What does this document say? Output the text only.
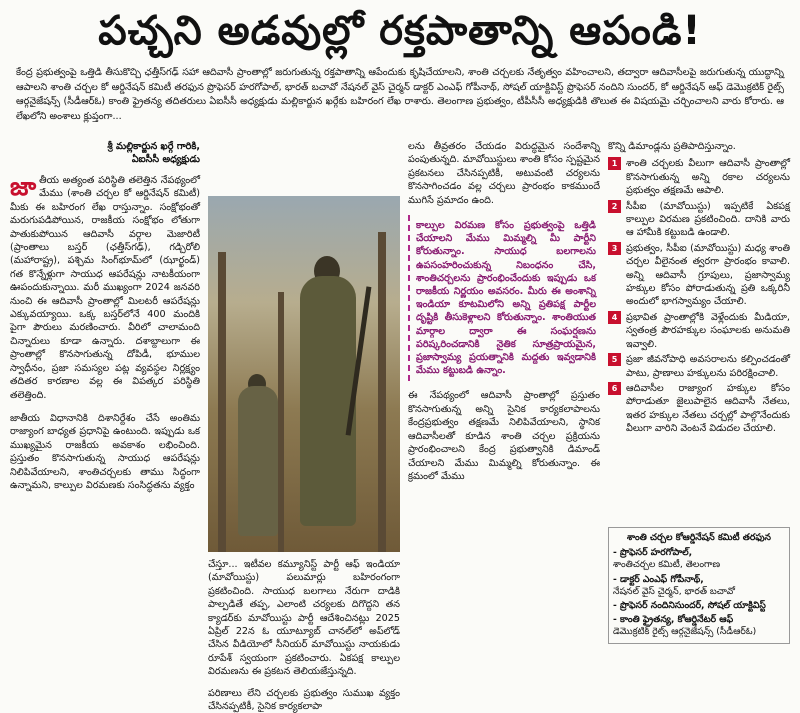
పచ్చని అడవుల్లో రక్తపాతాన్ని ఆపండి!
కేంద్ర ప్రభుత్వంపై ఒత్తిడి తీసుకొచ్చి ఛత్తీస్‌గఢ్ సహా ఆదివాసీ ప్రాంతాల్లో జరుగుతున్న రక్తపాతాన్ని ఆపేందుకు కృషిచేయాలని, శాంతి చర్చలకు నేతృత్వం వహించాలని, తద్వారా ఆదివాసీలపై జరుగుతున్న యుద్ధాన్ని ఆపాలని శాంతి చర్చల కో ఆర్డినేషన్ కమిటీ తరఫున ప్రొఫెసర్ హరగోపాల్, భారత్ బచావో నేషనల్ వైస్ చైర్మన్ డాక్టర్ ఎంఎఫ్ గోపీనాథ్, సోషల్ యాక్టివిస్ట్ ప్రొఫెసర్ నందిని సుందర్, కో ఆర్డినేషన్ ఆఫ్ డెమొక్రటిక్ రైట్స్ ఆర్గనైజేషన్స్ (సీడీఆర్‌ఓ) కాంతి ఫ్రైతన్య తదితరులు ఏఐసీసీ అధ్యక్షుడు మల్లికార్జున ఖర్గేకు బహిరంగ లేఖ రాశారు. తెలంగాణ ప్రభుత్వం, టీపీసీసీ అధ్యక్షుడికి తొలుత ఈ విషయమై చర్చించాలని వారు కోరారు. ఆ లేఖలోని అంశాలు క్లుప్తంగా...
శ్రీ మల్లికార్జున ఖర్గే గారికి,
ఏఐసీసీ అధ్యక్షుడు

జాతీయ అత్యంత పరిస్థితి తలెత్తిన నేపథ్యంలో మేము (శాంతి చర్చల కో ఆర్డినేషన్ కమిటీ) మీకు ఈ బహిరంగ లేఖ రాస్తున్నాం. సంక్షోభంతో మరుగుపడిపోయిన, రాజకీయ సంక్షోభం లోతుగా పాతుకుపోయిన ఆదివాసీ వర్గాల మెజారిటీ (ప్రాంతాలు బస్తర్ (ఛత్తీస్‌గఢ్), గడ్చిరోలి (మహారాష్ట్ర), పశ్చిమ సింగ్‌భూమ్‌లో (ఝార్ఖండ్) గత కొన్నేళ్లుగా సాయుధ ఆపరేషన్లు నాటకీయంగా ఊపందుకున్నాయి. మరీ ముఖ్యంగా 2024 జనవరి నుంచి ఈ ఆదివాసీ ప్రాంతాల్లో మిలటరీ ఆపరేషన్లు ఎక్కువయ్యాయి. ఒక్క బస్తర్‌లోనే 400 మందికి పైగా పౌరులు మరణించారు. వీరిలో చాలామంది చిన్నారులు కూడా ఉన్నారు. దశాబ్దాలుగా ఈ ప్రాంతాల్లో కొనసాగుతున్న దోపిడీ, భూముల స్వాధీనం, ప్రజా సమస్యల పట్ల వ్యవస్థల నిర్లక్ష్యం తదితర కారణాల వల్ల ఈ విపత్కర పరిస్థితి తలెత్తింది.

జాతీయ విధానానికి దిశానిర్దేశం చేసే అంతిమ రాజ్యాంగ బాధ్యత ప్రధానిపై ఉంటుంది. ఇప్పుడు ఒక ముఖ్యమైన రాజకీయ అవకాశం లభించింది. ప్రస్తుతం కొనసాగుతున్న సాయుధ ఆపరేషన్లు నిలిపివేయాలని, శాంతిచర్చలకు తాము సిద్ధంగా ఉన్నామని, కాల్పుల విరమణకు సంసిద్ధతను వ్యక్తం

చేస్తూ... ఇటీవల కమ్యూనిస్ట్ పార్టీ ఆఫ్ ఇండియా (మావోయిస్టు) పలుమార్లు బహిరంగంగా ప్రకటించింది. సాయుధ బలగాలు నేరుగా దాడికి పాల్పడితే తప్ప, ఎలాంటి చర్యలకు దిగొద్దని తన క్యాడర్‌కు మావోయిస్టు పార్టీ ఆదేశించినట్లు 2025 ఏప్రిల్ 22న ఓ యూట్యూబ్ చానల్‌లో అప్‌లోడ్ చేసిన వీడియోలో సీనియర్ మావోయిస్టు నాయకుడు రూపేశ్ స్వయంగా ప్రకటించారు. ఏకపక్ష కాల్పుల విరమణను ఈ ప్రకటన తెలియజేస్తున్నది.

పరిణాలు లేని చర్చలకు ప్రభుత్వం సుముఖ వ్యక్తం చేసినప్పటికీ, సైనిక కార్యకలాపా

లను తీవ్రతరం చేయడం విరుద్ధమైన సందేశాన్ని పంపుతున్నది. మావోయిస్టులు శాంతి కోసం స్పష్టమైన ప్రకటనలు చేసినప్పటికీ, అటువంటి చర్యలను కొనసాగించడం వల్ల చర్చలు ప్రారంభం కాకముందే ముగిసే ప్రమాదం ఉంది.

కాల్పుల విరమణ కోసం ప్రభుత్వంపై ఒత్తిడి చేయాలని మేము మిమ్మల్ని మీ పార్టీని కోరుతున్నాం. సాయుధ బలగాలను ఉపసంహరించుకున్న నిబంధనం చేసి, శాంతిచర్చలను ప్రారంభించేందుకు ఇప్పుడు ఒక రాజకీయ నిర్ణయం అవసరం. మీరు ఈ అంశాన్ని ఇండియా కూటమిలోని అన్ని ప్రతిపక్ష పార్టీల దృష్టికి తీసుకెళ్లాలని కోరుతున్నాం. శాంతియుత మార్గాల ద్వారా ఈ సంఘర్షణను పరిష్కరించడానికి నైతిక సూత్రప్రాయమైన, ప్రజాస్వామ్య ప్రయత్నానికి మద్దతు ఇవ్వడానికి మేము కట్టుబడి ఉన్నాం.

ఈ నేపథ్యంలో ఆదివాసీ ప్రాంతాల్లో ప్రస్తుతం కొనసాగుతున్న అన్ని సైనిక కార్యకలాపాలను కేంద్రప్రభుత్వం తక్షణమే నిలిపివేయాలని, స్థానిక ఆదివాసీలతో కూడిన శాంతి చర్చల ప్రక్రియను ప్రారంభించాలని కేంద్ర ప్రభుత్వానికి డిమాండ్ చేయాలని మేము మిమ్మల్ని కోరుతున్నాం. ఈ క్రమంలో మేము

కొన్ని డిమాండ్లను ప్రతిపాదిస్తున్నాం.

1 శాంతి చర్చలకు వీలుగా ఆదివాసీ ప్రాంతాల్లో కొనసాగుతున్న అన్ని రకాల చర్యలను ప్రభుత్వం తక్షణమే ఆపాలి.
2 సీపీఐ (మావోయిస్టు) ఇప్పటికే ఏకపక్ష కాల్పుల విరమణ ప్రకటించింది. దానికి వారు ఆ హామీకి కట్టుబడి ఉండాలి.
3 ప్రభుత్వం, సీపీఐ (మావోయిస్టు) మధ్య శాంతి చర్చల వీలైనంత త్వరగా ప్రారంభం కావాలి. అన్ని ఆదివాసీ గ్రూపులు, ప్రజాస్వామ్య హక్కుల కోసం పోరాడుతున్న ప్రతి ఒక్కరినీ అందులో భాగస్వామ్యం చేయాలి.
4 ప్రభావిత ప్రాంతాల్లోకి వెళ్లేందుకు మీడియా, స్వతంత్ర పౌరహక్కుల సంఘాలకు అనుమతి ఇవ్వాలి.
5 ప్రజా జీవనోపాధి అవసరాలను కల్పించడంతో పాటు, ప్రాణాలు హక్కులను పరిరక్షించాలి.
6 ఆదివాసీల రాజ్యాంగ హక్కుల కోసం పోరాడుతూ జైలుపాలైన ఆదివాసీ నేతలు, ఇతర హక్కుల నేతలు చర్చల్లో పాల్గొనేందుకు వీలుగా వారిని వెంటనే విడుదల చేయాలి.
శాంతి చర్చల కోఆర్డినేషన్ కమిటీ తరఫున
- ప్రొఫెసర్ హరగోపాల్,
శాంతిచర్చల కమిటీ, తెలంగాణ
- డాక్టర్ ఎంఎఫ్ గోపీనాథ్,
నేషనల్ వైస్ చైర్మన్, భారత్ బచావో
- ప్రొఫెసర్ నందినిసుందర్, సోషల్ యాక్టివిస్ట్
- కాంతి ఫ్రైతన్య, కోఆర్డినేటర్ ఆఫ్
డెమొక్రటిక్ రైట్స్ ఆర్గనైజేషన్స్ (సీడీఆర్‌ఓ)
